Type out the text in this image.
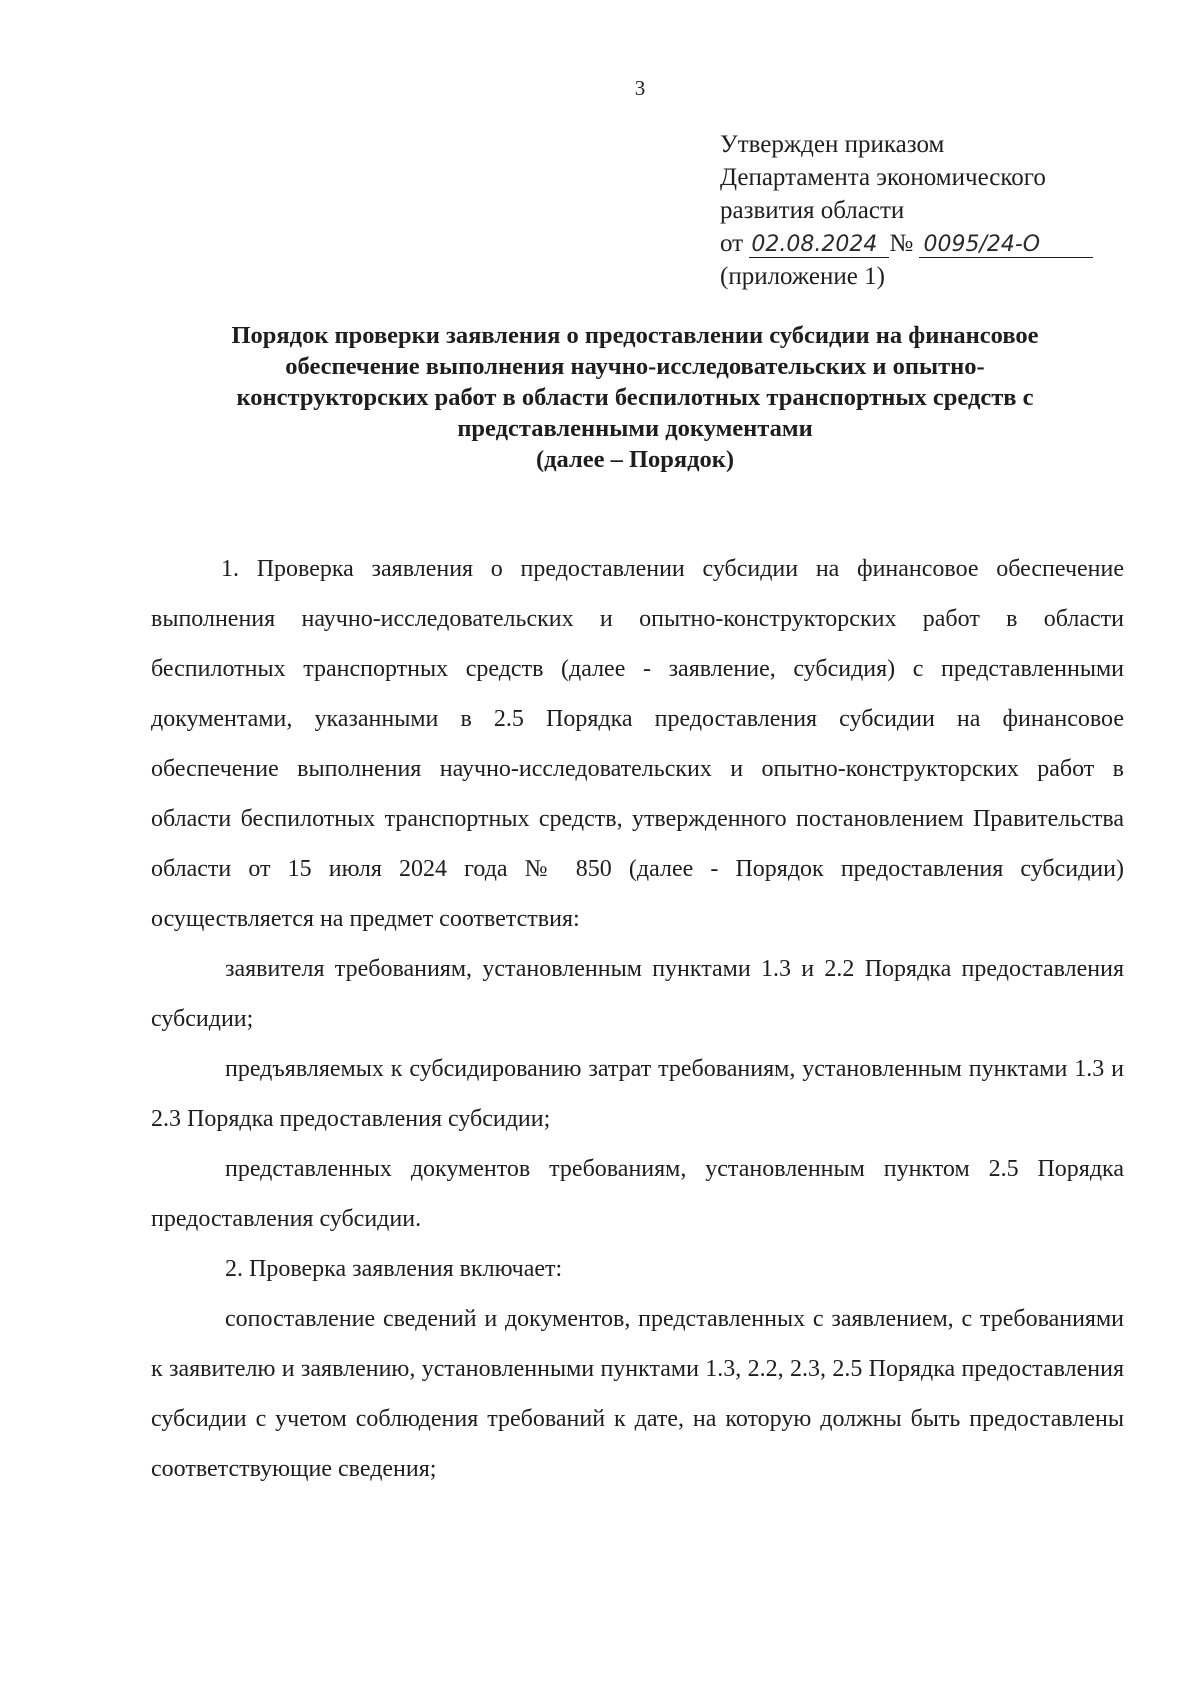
3
Утвержден приказом
Департамента экономического
развития области
от 02.08.2024 № 0095/24-О
(приложение 1)
Порядок проверки заявления о предоставлении субсидии на финансовое
обеспечение выполнения научно-исследовательских и опытно-
конструкторских работ в области беспилотных транспортных средств с
представленными документами
(далее – Порядок)

1. Проверка заявления о предоставлении субсидии на финансовое обеспечение выполнения научно-исследовательских и опытно-конструкторских работ в области беспилотных транспортных средств (далее - заявление, субсидия) с представленными документами, указанными в 2.5 Порядка предоставления субсидии на финансовое обеспечение выполнения научно-исследовательских и опытно-конструкторских работ в области беспилотных транспортных средств, утвержденного постановлением Правительства области от 15 июля 2024 года № 850 (далее - Порядок предоставления субсидии) осуществляется на предмет соответствия:

заявителя требованиям, установленным пунктами 1.3 и 2.2 Порядка предоставления субсидии;

предъявляемых к субсидированию затрат требованиям, установленным пунктами 1.3 и 2.3 Порядка предоставления субсидии;

представленных документов требованиям, установленным пунктом 2.5 Порядка предоставления субсидии.

2. Проверка заявления включает:

сопоставление сведений и документов, представленных с заявлением, с требованиями к заявителю и заявлению, установленными пунктами 1.3, 2.2, 2.3, 2.5 Порядка предоставления субсидии с учетом соблюдения требований к дате, на которую должны быть предоставлены соответствующие сведения;
